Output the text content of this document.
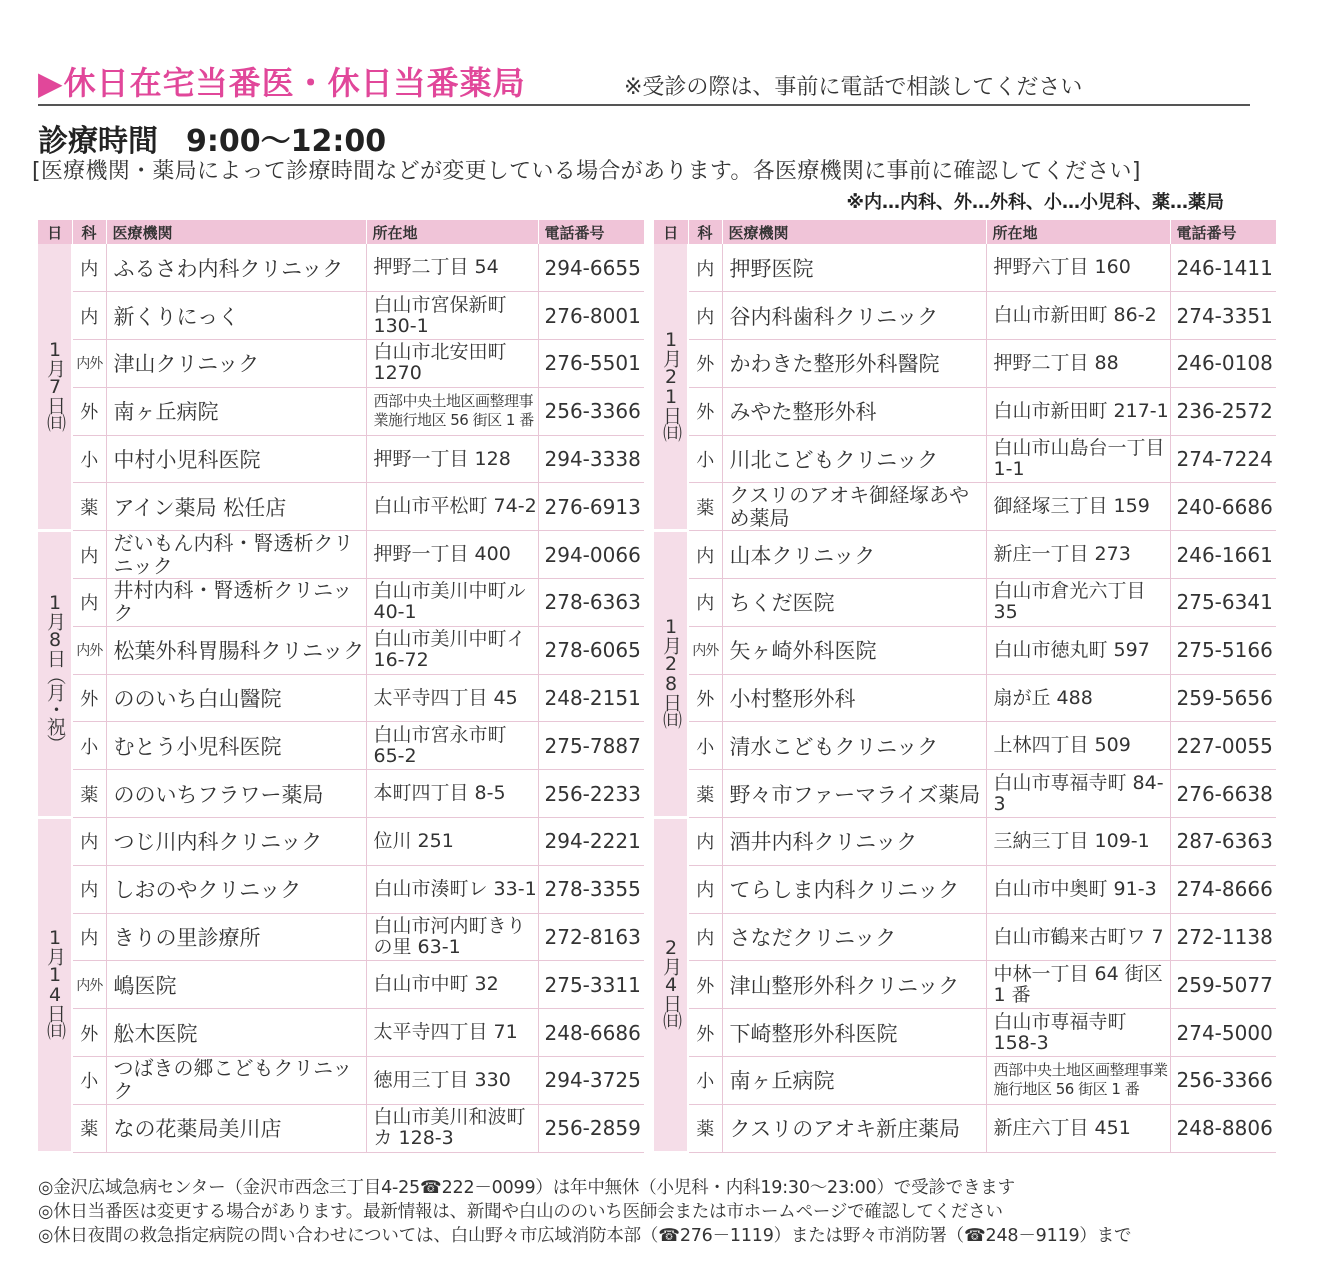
▶休日在宅当番医・休日当番薬局	※受診の際は、事前に電話で相談してください
診療時間 9:00～12:00
[医療機関・薬局によって診療時間などが変更している場合があります。各医療機関に事前に確認してください]
※内…内科、外…外科、小…小児科、薬…薬局
日	科	医療機関	所在地	電話番号
1月7日㈰	内	ふるさわ内科クリニック	押野二丁目 54	294-6655
	内	新くりにっく	白山市宮保新町 130-1	276-8001
	内外	津山クリニック	白山市北安田町 1270	276-5501
	外	南ヶ丘病院	西部中央土地区画整理事業施行地区 56 街区 1 番	256-3366
	小	中村小児科医院	押野一丁目 128	294-3338
	薬	アイン薬局 松任店	白山市平松町 74-2	276-6913
1月8日（月・祝）	内	だいもん内科・腎透析クリニック	押野一丁目 400	294-0066
	内	井村内科・腎透析クリニック	白山市美川中町ル 40-1	278-6363
	内外	松葉外科胃腸科クリニック	白山市美川中町イ 16-72	278-6065
	外	ののいち白山醫院	太平寺四丁目 45	248-2151
	小	むとう小児科医院	白山市宮永市町 65-2	275-7887
	薬	ののいちフラワー薬局	本町四丁目 8-5	256-2233
1月14日㈰	内	つじ川内科クリニック	位川 251	294-2221
	内	しおのやクリニック	白山市湊町レ 33-1	278-3355
	内	きりの里診療所	白山市河内町きりの里 63-1	272-8163
	内外	嶋医院	白山市中町 32	275-3311
	外	舩木医院	太平寺四丁目 71	248-6686
	小	つばきの郷こどもクリニック	徳用三丁目 330	294-3725
	薬	なの花薬局美川店	白山市美川和波町カ 128-3	256-2859
日	科	医療機関	所在地	電話番号
1月21日㈰	内	押野医院	押野六丁目 160	246-1411
	内	谷内科歯科クリニック	白山市新田町 86-2	274-3351
	外	かわきた整形外科醫院	押野二丁目 88	246-0108
	外	みやた整形外科	白山市新田町 217-1	236-2572
	小	川北こどもクリニック	白山市山島台一丁目 1-1	274-7224
	薬	クスリのアオキ御経塚あやめ薬局	御経塚三丁目 159	240-6686
1月28日㈰	内	山本クリニック	新庄一丁目 273	246-1661
	内	ちくだ医院	白山市倉光六丁目 35	275-6341
	内外	矢ヶ崎外科医院	白山市徳丸町 597	275-5166
	外	小村整形外科	扇が丘 488	259-5656
	小	清水こどもクリニック	上林四丁目 509	227-0055
	薬	野々市ファーマライズ薬局	白山市専福寺町 84-3	276-6638
2月4日㈰	内	酒井内科クリニック	三納三丁目 109-1	287-6363
	内	てらしま内科クリニック	白山市中奥町 91-3	274-8666
	内	さなだクリニック	白山市鶴来古町ワ 7	272-1138
	外	津山整形外科クリニック	中林一丁目 64 街区 1 番	259-5077
	外	下崎整形外科医院	白山市専福寺町 158-3	274-5000
	小	南ヶ丘病院	西部中央土地区画整理事業施行地区 56 街区 1 番	256-3366
	薬	クスリのアオキ新庄薬局	新庄六丁目 451	248-8806
◎金沢広域急病センター（金沢市西念三丁目4-25☎222－0099）は年中無休（小児科・内科19:30～23:00）で受診できます
◎休日当番医は変更する場合があります。最新情報は、新聞や白山ののいち医師会または市ホームページで確認してください
◎休日夜間の救急指定病院の問い合わせについては、白山野々市広域消防本部（☎276－1119）または野々市消防署（☎248－9119）まで
